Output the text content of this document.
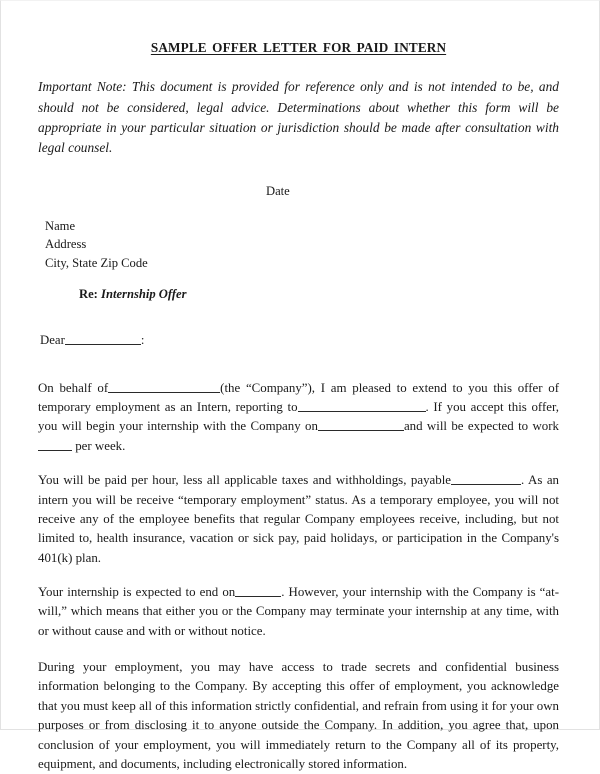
SAMPLE OFFER LETTER FOR PAID INTERN

Important Note: This document is provided for reference only and is not intended to be, and should not be considered, legal advice. Determinations about whether this form will be appropriate in your particular situation or jurisdiction should be made after consultation with legal counsel.

Date

Name
Address
City, State Zip Code

Re: Internship Offer

Dear	:

On behalf of	(the “Company”), I am pleased to extend to you this offer of temporary employment as an Intern, reporting to	. If you accept this offer, you will begin your internship with the Company on	and will be expected to work  per week.

You will be paid per hour, less all applicable taxes and withholdings, payable	. As an intern you will be receive “temporary employment” status. As a temporary employee, you will not receive any of the employee benefits that regular Company employees receive, including, but not limited to, health insurance, vacation or sick pay, paid holidays, or participation in the Company's 401(k) plan.

Your internship is expected to end on	. However, your internship with the Company is “at-will,” which means that either you or the Company may terminate your internship at any time, with or without cause and with or without notice.

During your employment, you may have access to trade secrets and confidential business information belonging to the Company. By accepting this offer of employment, you acknowledge that you must keep all of this information strictly confidential, and refrain from using it for your own purposes or from disclosing it to anyone outside the Company. In addition, you agree that, upon conclusion of your employment, you will immediately return to the Company all of its property, equipment, and documents, including electronically stored information.
